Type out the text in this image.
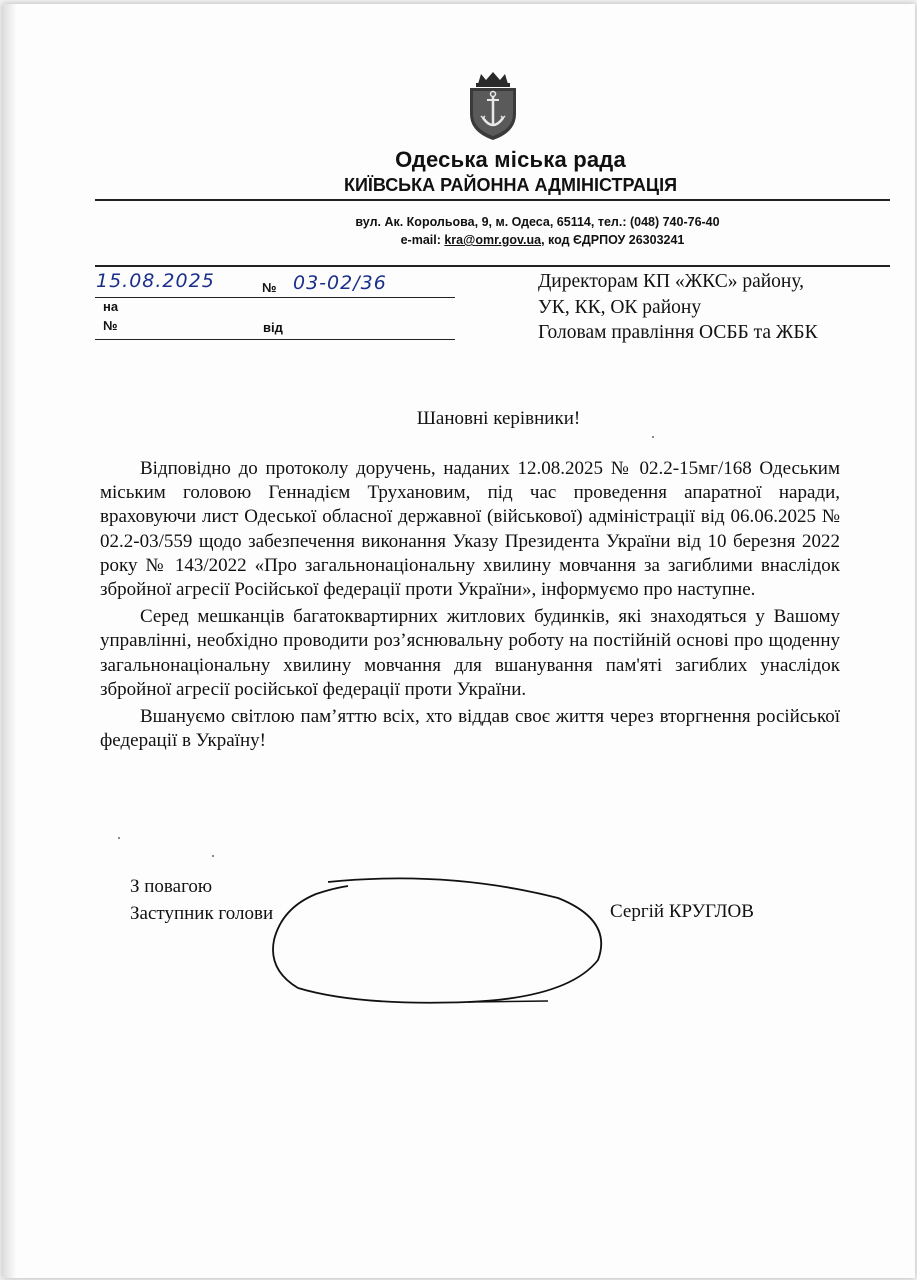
Одеська міська рада
КИЇВСЬКА РАЙОННА АДМІНІСТРАЦІЯ
вул. Ак. Корольова, 9, м. Одеса, 65114, тел.: (048) 740-76-40
e-mail: kra@omr.gov.ua, код ЄДРПОУ 26303241
15.08.2025	№ 03-02/36
на
№	від
Директорам КП «ЖКС» району,
УК, КК, ОК району
Головам правління ОСББ та ЖБК
Шановні керівники!

Відповідно до протоколу доручень, наданих 12.08.2025 № 02.2-15мг/168 Одеським міським головою Геннадієм Трухановим, під час проведення апаратної наради, враховуючи лист Одеської обласної державної (військової) адміністрації від 06.06.2025 № 02.2-03/559 щодо забезпечення виконання Указу Президента України від 10 березня 2022 року № 143/2022 «Про загальнонаціональну хвилину мовчання за загиблими внаслідок збройної агресії Російської федерації проти України», інформуємо про наступне.

Серед мешканців багатоквартирних житлових будинків, які знаходяться у Вашому управлінні, необхідно проводити роз’яснювальну роботу на постійній основі про щоденну загальнонаціональну хвилину мовчання для вшанування пам'яті загиблих унаслідок збройної агресії російської федерації проти України.

Вшануємо світлою пам’яттю всіх, хто віддав своє життя через вторгнення російської федерації в Україну!

З повагою
Заступник голови	Сергій КРУГЛОВ
